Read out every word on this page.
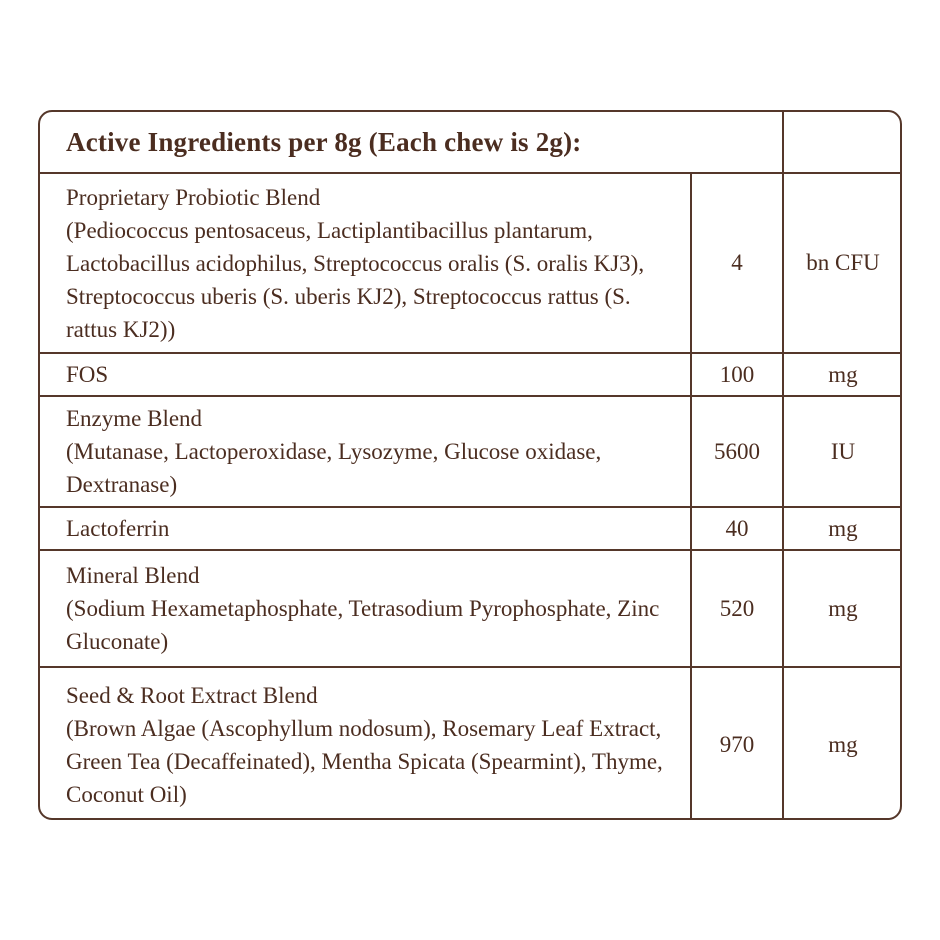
Active Ingredients per 8g (Each chew is 2g):		
Proprietary Probiotic Blend
(Pediococcus pentosaceus, Lactiplantibacillus plantarum, Lactobacillus acidophilus, Streptococcus oralis (S. oralis KJ3), Streptococcus uberis (S. uberis KJ2), Streptococcus rattus (S. rattus KJ2))	4	bn CFU
FOS	100	mg
Enzyme Blend
(Mutanase, Lactoperoxidase, Lysozyme, Glucose oxidase, Dextranase)	5600	IU
Lactoferrin	40	mg
Mineral Blend
(Sodium Hexametaphosphate, Tetrasodium Pyrophosphate, Zinc Gluconate)	520	mg
Seed & Root Extract Blend
(Brown Algae (Ascophyllum nodosum), Rosemary Leaf Extract, Green Tea (Decaffeinated), Mentha Spicata (Spearmint), Thyme, Coconut Oil)	970	mg
